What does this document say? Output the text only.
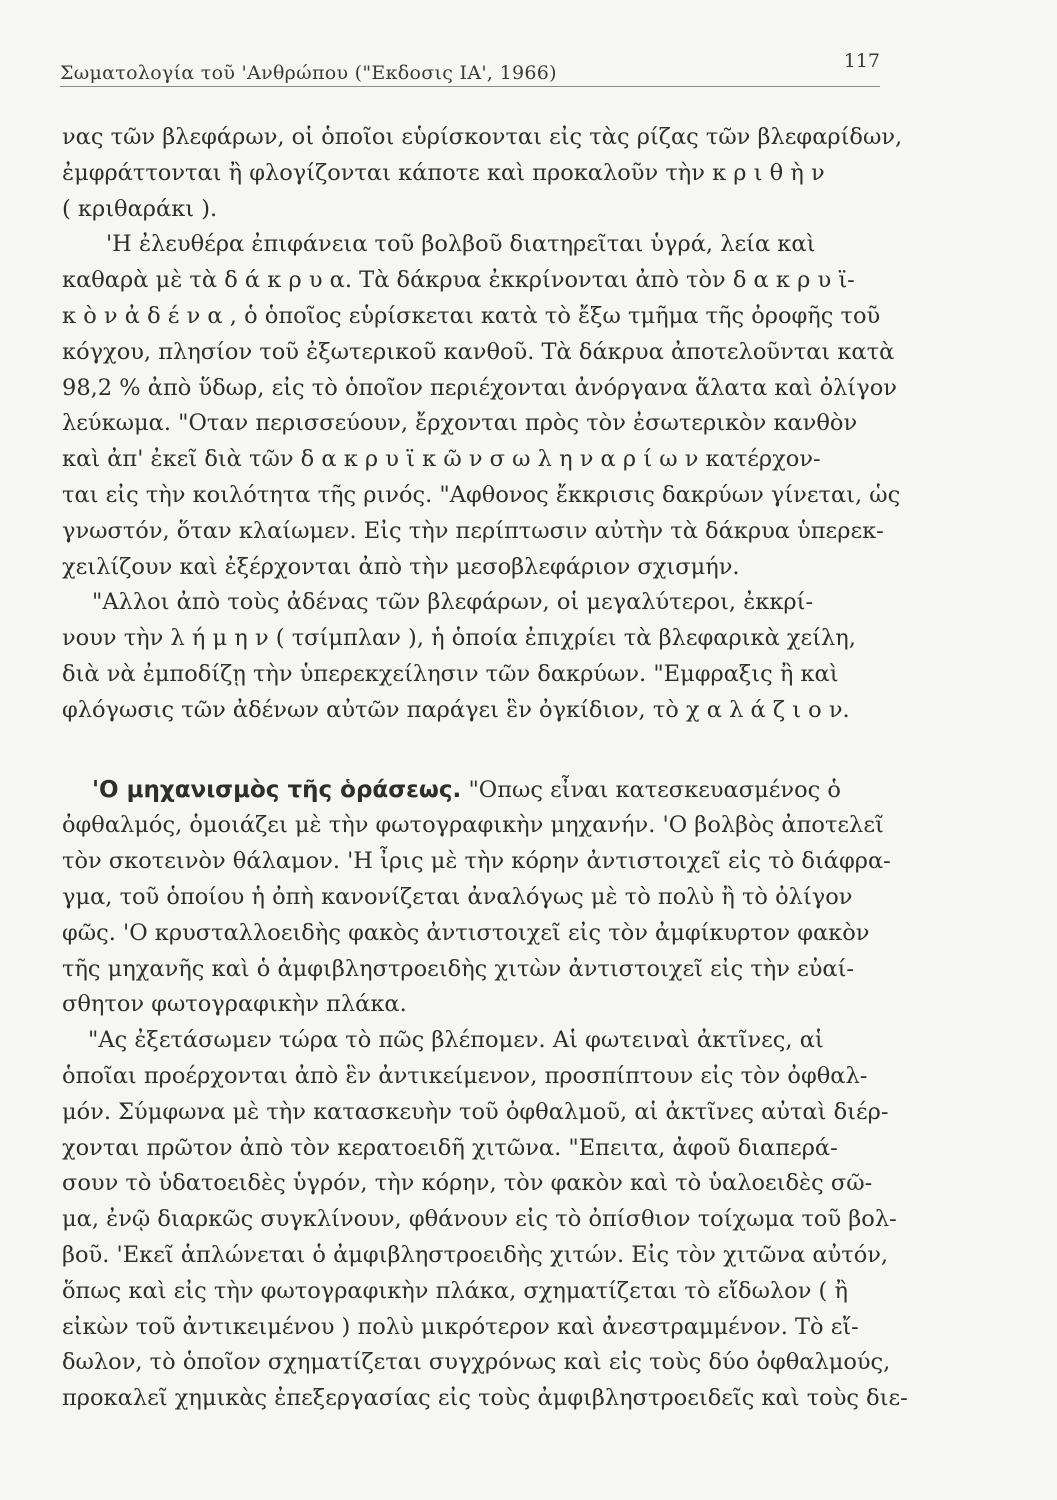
Σωματολογία τοῦ 'Ανθρώπου ("Εκδοσις ΙΑ', 1966)
117
νας τῶν βλεφάρων, οἱ ὁποῖοι εὑρίσκονται εἰς τὰς ρίζας τῶν βλεφαρίδων,
ἐμφράττονται ἢ φλογίζονται κάποτε καὶ προκαλοῦν τὴν κ ρ ι θ ὴ ν
( κριθαράκι ).
'Η ἐλευθέρα ἐπιφάνεια τοῦ βολβοῦ διατηρεῖται ὑγρά, λεία καὶ
καθαρὰ μὲ τὰ δ ά κ ρ υ α. Τὰ δάκρυα ἐκκρίνονται ἀπὸ τὸν δ α κ ρ υ ϊ-
κ ὸ ν ἀ δ έ ν α , ὁ ὁποῖος εὑρίσκεται κατὰ τὸ ἔξω τμῆμα τῆς ὀροφῆς τοῦ
κόγχου, πλησίον τοῦ ἐξωτερικοῦ κανθοῦ. Τὰ δάκρυα ἀποτελοῦνται κατὰ
98,2 % ἀπὸ ὕδωρ, εἰς τὸ ὁποῖον περιέχονται ἀνόργανα ἅλατα καὶ ὀλίγον
λεύκωμα. "Οταν περισσεύουν, ἔρχονται πρὸς τὸν ἐσωτερικὸν κανθὸν
καὶ ἀπ' ἐκεῖ διὰ τῶν δ α κ ρ υ ϊ κ ῶ ν σ ω λ η ν α ρ ί ω ν κατέρχον-
ται εἰς τὴν κοιλότητα τῆς ρινός. "Αφθονος ἔκκρισις δακρύων γίνεται, ὡς
γνωστόν, ὅταν κλαίωμεν. Εἰς τὴν περίπτωσιν αὐτὴν τὰ δάκρυα ὑπερεκ-
χειλίζουν καὶ ἐξέρχονται ἀπὸ τὴν μεσοβλεφάριον σχισμήν.
"Αλλοι ἀπὸ τοὺς ἀδένας τῶν βλεφάρων, οἱ μεγαλύτεροι, ἐκκρί-
νουν τὴν λ ή μ η ν ( τσίμπλαν ), ἡ ὁποία ἐπιχρίει τὰ βλεφαρικὰ χείλη,
διὰ νὰ ἐμποδίζῃ τὴν ὑπερεκχείλησιν τῶν δακρύων. "Εμφραξις ἢ καὶ
φλόγωσις τῶν ἀδένων αὐτῶν παράγει ἓν ὀγκίδιον, τὸ χ α λ ά ζ ι ο ν.
'Ο μηχανισμὸς τῆς ὁράσεως. "Οπως εἶναι κατεσκευασμένος ὁ
ὀφθαλμός, ὁμοιάζει μὲ τὴν φωτογραφικὴν μηχανήν. 'Ο βολβὸς ἀποτελεῖ
τὸν σκοτεινὸν θάλαμον. 'Η ἶρις μὲ τὴν κόρην ἀντιστοιχεῖ εἰς τὸ διάφρα-
γμα, τοῦ ὁποίου ἡ ὀπὴ κανονίζεται ἀναλόγως μὲ τὸ πολὺ ἢ τὸ ὀλίγον
φῶς. 'Ο κρυσταλλοειδὴς φακὸς ἀντιστοιχεῖ εἰς τὸν ἀμφίκυρτον φακὸν
τῆς μηχανῆς καὶ ὁ ἀμφιβληστροειδὴς χιτὼν ἀντιστοιχεῖ εἰς τὴν εὐαί-
σθητον φωτογραφικὴν πλάκα.
"Ας ἐξετάσωμεν τώρα τὸ πῶς βλέπομεν. Αἱ φωτειναὶ ἀκτῖνες, αἱ
ὁποῖαι προέρχονται ἀπὸ ἓν ἀντικείμενον, προσπίπτουν εἰς τὸν ὀφθαλ-
μόν. Σύμφωνα μὲ τὴν κατασκευὴν τοῦ ὀφθαλμοῦ, αἱ ἀκτῖνες αὐταὶ διέρ-
χονται πρῶτον ἀπὸ τὸν κερατοειδῆ χιτῶνα. "Επειτα, ἀφοῦ διαπερά-
σουν τὸ ὑδατοειδὲς ὑγρόν, τὴν κόρην, τὸν φακὸν καὶ τὸ ὑαλοειδὲς σῶ-
μα, ἐνῷ διαρκῶς συγκλίνουν, φθάνουν εἰς τὸ ὀπίσθιον τοίχωμα τοῦ βολ-
βοῦ. 'Εκεῖ ἁπλώνεται ὁ ἀμφιβληστροειδὴς χιτών. Εἰς τὸν χιτῶνα αὐτόν,
ὅπως καὶ εἰς τὴν φωτογραφικὴν πλάκα, σχηματίζεται τὸ εἴδωλον ( ἢ
εἰκὼν τοῦ ἀντικειμένου ) πολὺ μικρότερον καὶ ἀνεστραμμένον. Τὸ εἴ-
δωλον, τὸ ὁποῖον σχηματίζεται συγχρόνως καὶ εἰς τοὺς δύο ὀφθαλμούς,
προκαλεῖ χημικὰς ἐπεξεργασίας εἰς τοὺς ἀμφιβληστροειδεῖς καὶ τοὺς διε-
